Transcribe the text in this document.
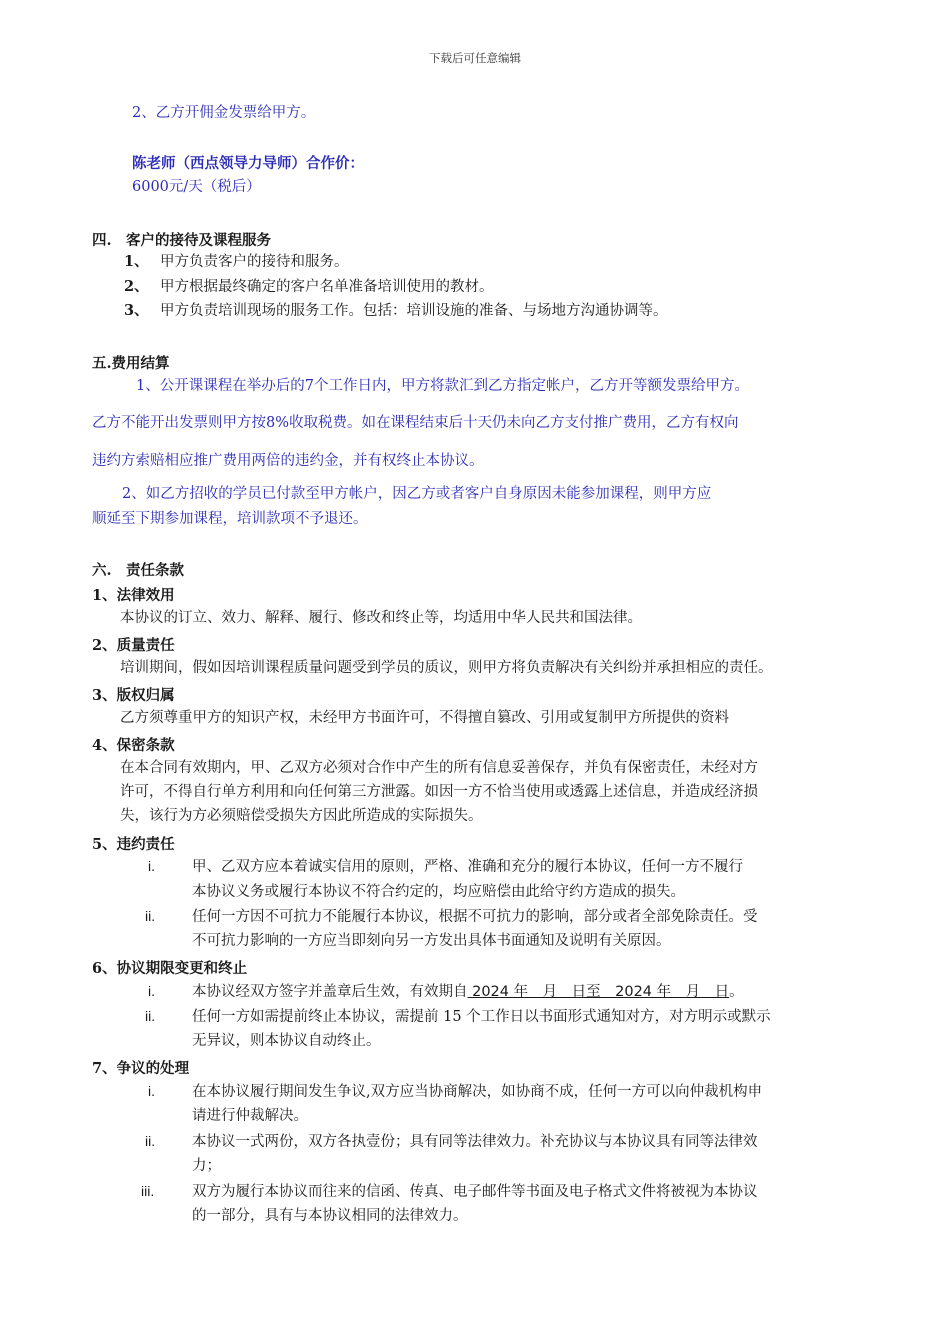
下载后可任意编辑
2、乙方开佣金发票给甲方。
陈老师（西点领导力导师）合作价：
6000元/天（税后）
四.　客户的接待及课程服务
1、 甲方负责客户的接待和服务。
2、 甲方根据最终确定的客户名单准备培训使用的教材。
3、 甲方负责培训现场的服务工作。包括：培训设施的准备、与场地方沟通协调等。
五.费用结算
1、公开课课程在举办后的7个工作日内，甲方将款汇到乙方指定帐户，乙方开等额发票给甲方。
乙方不能开出发票则甲方按8%收取税费。如在课程结束后十天仍未向乙方支付推广费用，乙方有权向
违约方索赔相应推广费用两倍的违约金，并有权终止本协议。
2、如乙方招收的学员已付款至甲方帐户，因乙方或者客户自身原因未能参加课程，则甲方应
顺延至下期参加课程，培训款项不予退还。
六.　责任条款
1、法律效用
本协议的订立、效力、解释、履行、修改和终止等，均适用中华人民共和国法律。
2、质量责任
培训期间，假如因培训课程质量问题受到学员的质议，则甲方将负责解决有关纠纷并承担相应的责任。
3、版权归属
乙方须尊重甲方的知识产权，未经甲方书面许可，不得擅自篡改、引用或复制甲方所提供的资料
4、保密条款
在本合同有效期内，甲、乙双方必须对合作中产生的所有信息妥善保存，并负有保密责任，未经对方
许可，不得自行单方利用和向任何第三方泄露。如因一方不恰当使用或透露上述信息，并造成经济损
失，该行为方必须赔偿受损失方因此所造成的实际损失。
5、违约责任
i.	甲、乙双方应本着诚实信用的原则，严格、准确和充分的履行本协议，任何一方不履行
本协议义务或履行本协议不符合约定的，均应赔偿由此给守约方造成的损失。
ii.	任何一方因不可抗力不能履行本协议，根据不可抗力的影响，部分或者全部免除责任。受
不可抗力影响的一方应当即刻向另一方发出具体书面通知及说明有关原因。
6、协议期限变更和终止
i.	本协议经双方签字并盖章后生效，有效期自 2024 年　月　日至　2024 年　月　日。
ii.	任何一方如需提前终止本协议，需提前 15 个工作日以书面形式通知对方，对方明示或默示
无异议，则本协议自动终止。
7、争议的处理
i.	在本协议履行期间发生争议,双方应当协商解决，如协商不成，任何一方可以向仲裁机构申
请进行仲裁解决。
ii.	本协议一式两份，双方各执壹份；具有同等法律效力。补充协议与本协议具有同等法律效
力；
iii.	双方为履行本协议而往来的信函、传真、电子邮件等书面及电子格式文件将被视为本协议
的一部分，具有与本协议相同的法律效力。
